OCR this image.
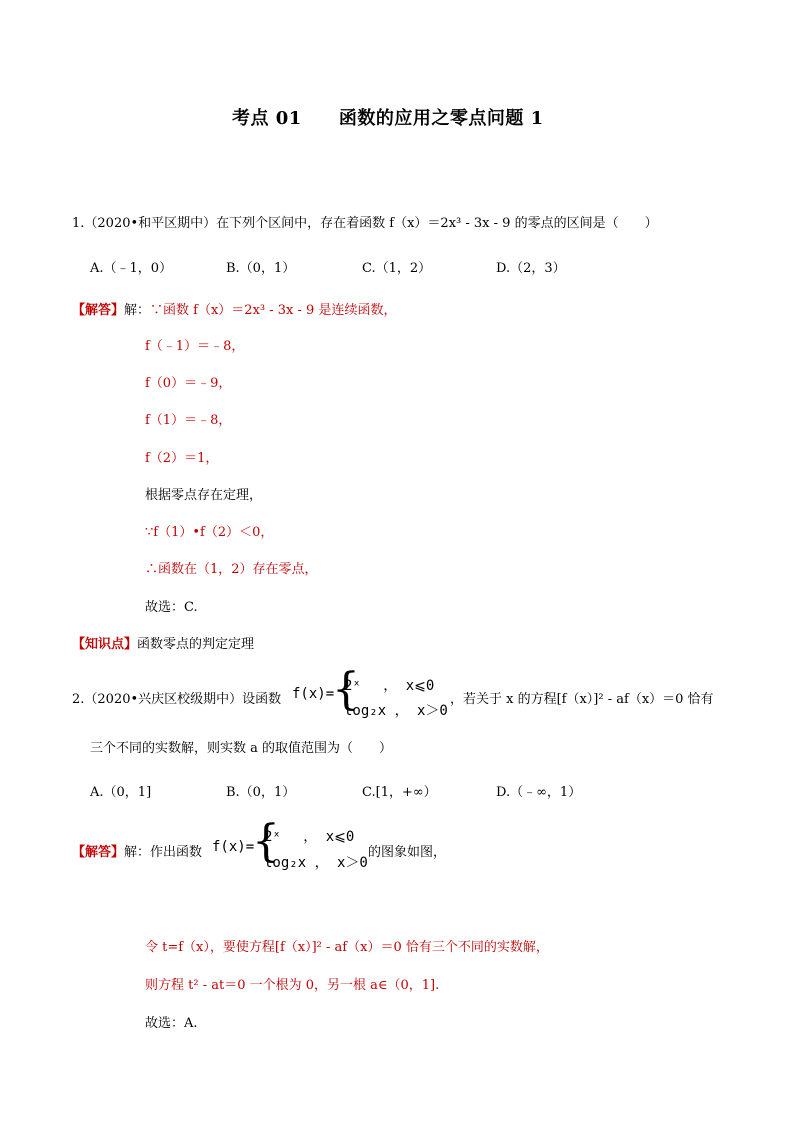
考点 01　　函数的应用之零点问题 1
1.（2020•和平区期中）在下列个区间中，存在着函数 f（x）＝2x³ - 3x - 9 的零点的区间是（　　）
A.（﹣1，0）	B.（0，1）	C.（1，2）	D.（2，3）
【解答】解：∵函数 f（x）＝2x³ - 3x - 9 是连续函数，
f（﹣1）＝﹣8，
f（0）＝﹣9，
f（1）＝﹣8，
f（2）＝1，
根据零点存在定理，
∵f（1）•f（2）＜0，
∴函数在（1，2）存在零点，
故选：C.
【知识点】函数零点的判定定理
2.（2020•兴庆区校级期中）设函数 f(x)=
{
2ˣ　 ， x⩽0
log₂x ， x＞0
，若关于 x 的方程[f（x）]² - af（x）＝0 恰有
三个不同的实数解，则实数 a 的取值范围为（　　）
A.（0，1]	B.（0，1）	C.[1，+∞）	D.（﹣∞，1）
【解答】解：作出函数 f(x)=
{
2ˣ　 ， x⩽0
log₂x ， x＞0
的图象如图，
令 t=f（x），要使方程[f（x）]² - af（x）＝0 恰有三个不同的实数解，
则方程 t² - at＝0 一个根为 0，另一根 a∈（0，1].
故选：A.
